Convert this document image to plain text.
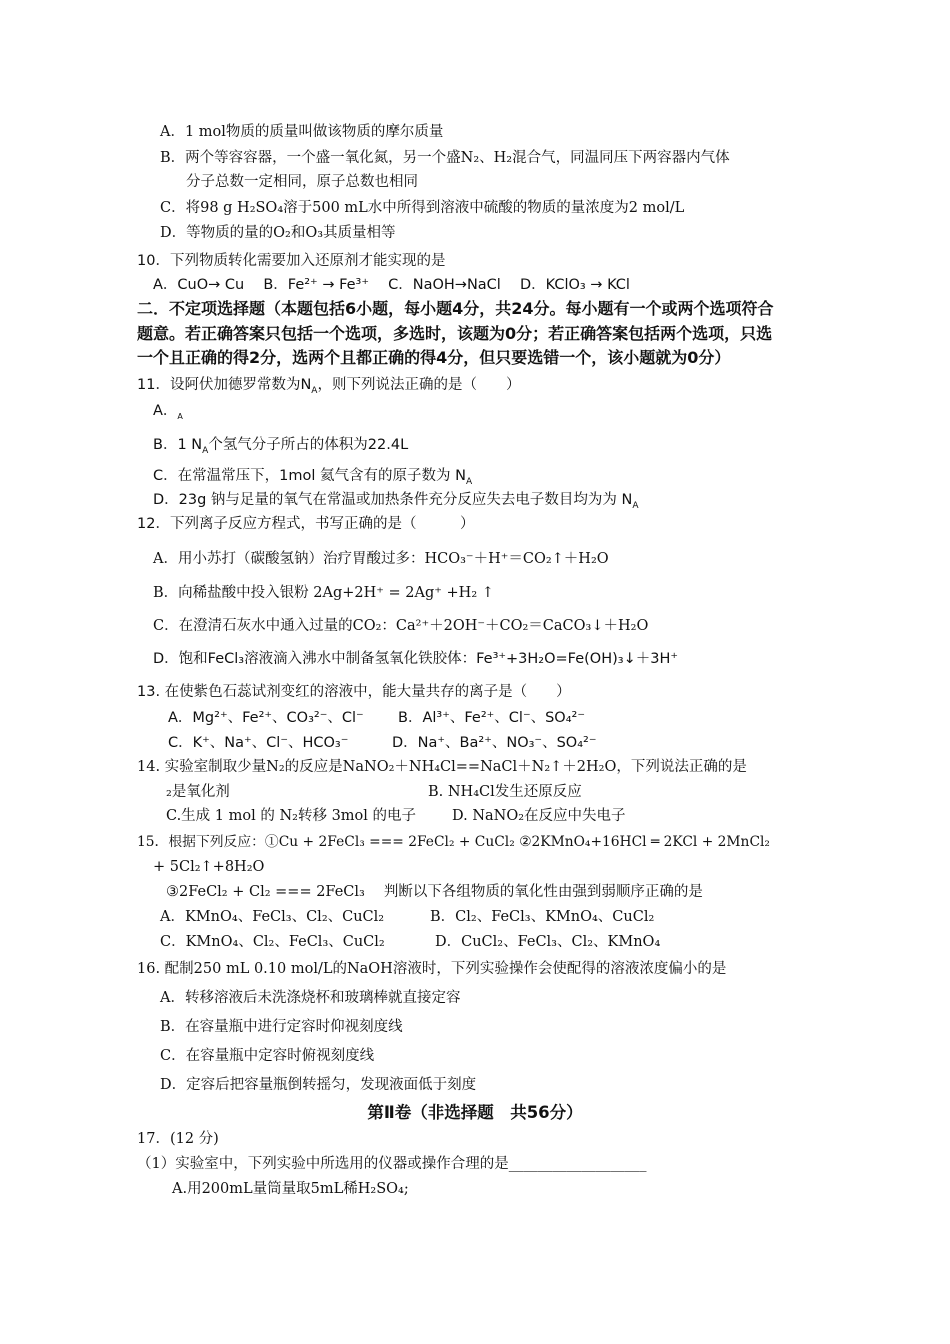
A．1 mol物质的质量叫做该物质的摩尔质量
B．两个等容容器，一个盛一氧化氮，另一个盛N₂、H₂混合气，同温同压下两容器内气体
分子总数一定相同，原子总数也相同
C．将98 g H₂SO₄溶于500 mL水中所得到溶液中硫酸的物质的量浓度为2 mol/L
D．等物质的量的O₂和O₃其质量相等
10．下列物质转化需要加入还原剂才能实现的是
A．CuO→ Cu　 B．Fe²⁺ → Fe³⁺　 C．NaOH→NaCl　 D．KClO₃ → KCl
二．不定项选择题（本题包括6小题，每小题4分，共24分。每小题有一个或两个选项符合
题意。若正确答案只包括一个选项，多选时，该题为0分；若正确答案包括两个选项，只选
一个且正确的得2分，选两个且都正确的得4分，但只要选错一个，该小题就为0分）
11．设阿伏加德罗常数为$N_A$，则下列说法正确的是（　　）
A．$_A$
B．1 $N_A$个氢气分子所占的体积为22.4L
C．在常温常压下，1mol 氦气含有的原子数为 $N_A$
D．23g 钠与足量的氧气在常温或加热条件充分反应失去电子数目均为为 $N_A$
12．下列离子反应方程式，书写正确的是（　　　）
A．用小苏打（碳酸氢钠）治疗胃酸过多：HCO₃⁻＋H⁺＝CO₂↑＋H₂O
B．向稀盐酸中投入银粉 2Ag+2H⁺ = 2Ag⁺ +H₂ ↑
C．在澄清石灰水中通入过量的CO₂：Ca²⁺＋2OH⁻＋CO₂＝CaCO₃↓＋H₂O
D．饱和FeCl₃溶液滴入沸水中制备氢氧化铁胶体：Fe³⁺+3H₂O=Fe(OH)₃↓＋3H⁺
13. 在使紫色石蕊试剂变红的溶液中，能大量共存的离子是（　　）
A．Mg²⁺、Fe²⁺、CO₃²⁻、Cl⁻ B．Al³⁺、Fe²⁺、Cl⁻、SO₄²⁻
C．K⁺、Na⁺、Cl⁻、HCO₃⁻	D．Na⁺、Ba²⁺、NO₃⁻、SO₄²⁻
14. 实验室制取少量N₂的反应是NaNO₂＋NH₄Cl==NaCl＋N₂↑＋2H₂O，下列说法正确的是
₂是氧化剂	B. NH₄Cl发生还原反应
C.生成 1 mol 的 N₂转移 3mol 的电子 D. NaNO₂在反应中失电子
15．根据下列反应：①Cu + 2FeCl₃ === 2FeCl₂ + CuCl₂ ②2KMnO₄+16HCl ═ 2KCl + 2MnCl₂
+ 5Cl₂↑+8H₂O
③2FeCl₂ + Cl₂ === 2FeCl₃　 判断以下各组物质的氧化性由强到弱顺序正确的是
A．KMnO₄、FeCl₃、Cl₂、CuCl₂	B．Cl₂、FeCl₃、KMnO₄、CuCl₂
C．KMnO₄、Cl₂、FeCl₃、CuCl₂	D．CuCl₂、FeCl₃、Cl₂、KMnO₄
16. 配制250 mL 0.10 mol/L的NaOH溶液时，下列实验操作会使配得的溶液浓度偏小的是
A．转移溶液后未洗涤烧杯和玻璃棒就直接定容
B．在容量瓶中进行定容时仰视刻度线
C．在容量瓶中定容时俯视刻度线
D．定容后把容量瓶倒转摇匀，发现液面低于刻度
第Ⅱ卷（非选择题　共56分）
17．(12 分)
（1）实验室中，下列实验中所选用的仪器或操作合理的是___________________
A.用200mL量筒量取5mL稀H₂SO₄;
